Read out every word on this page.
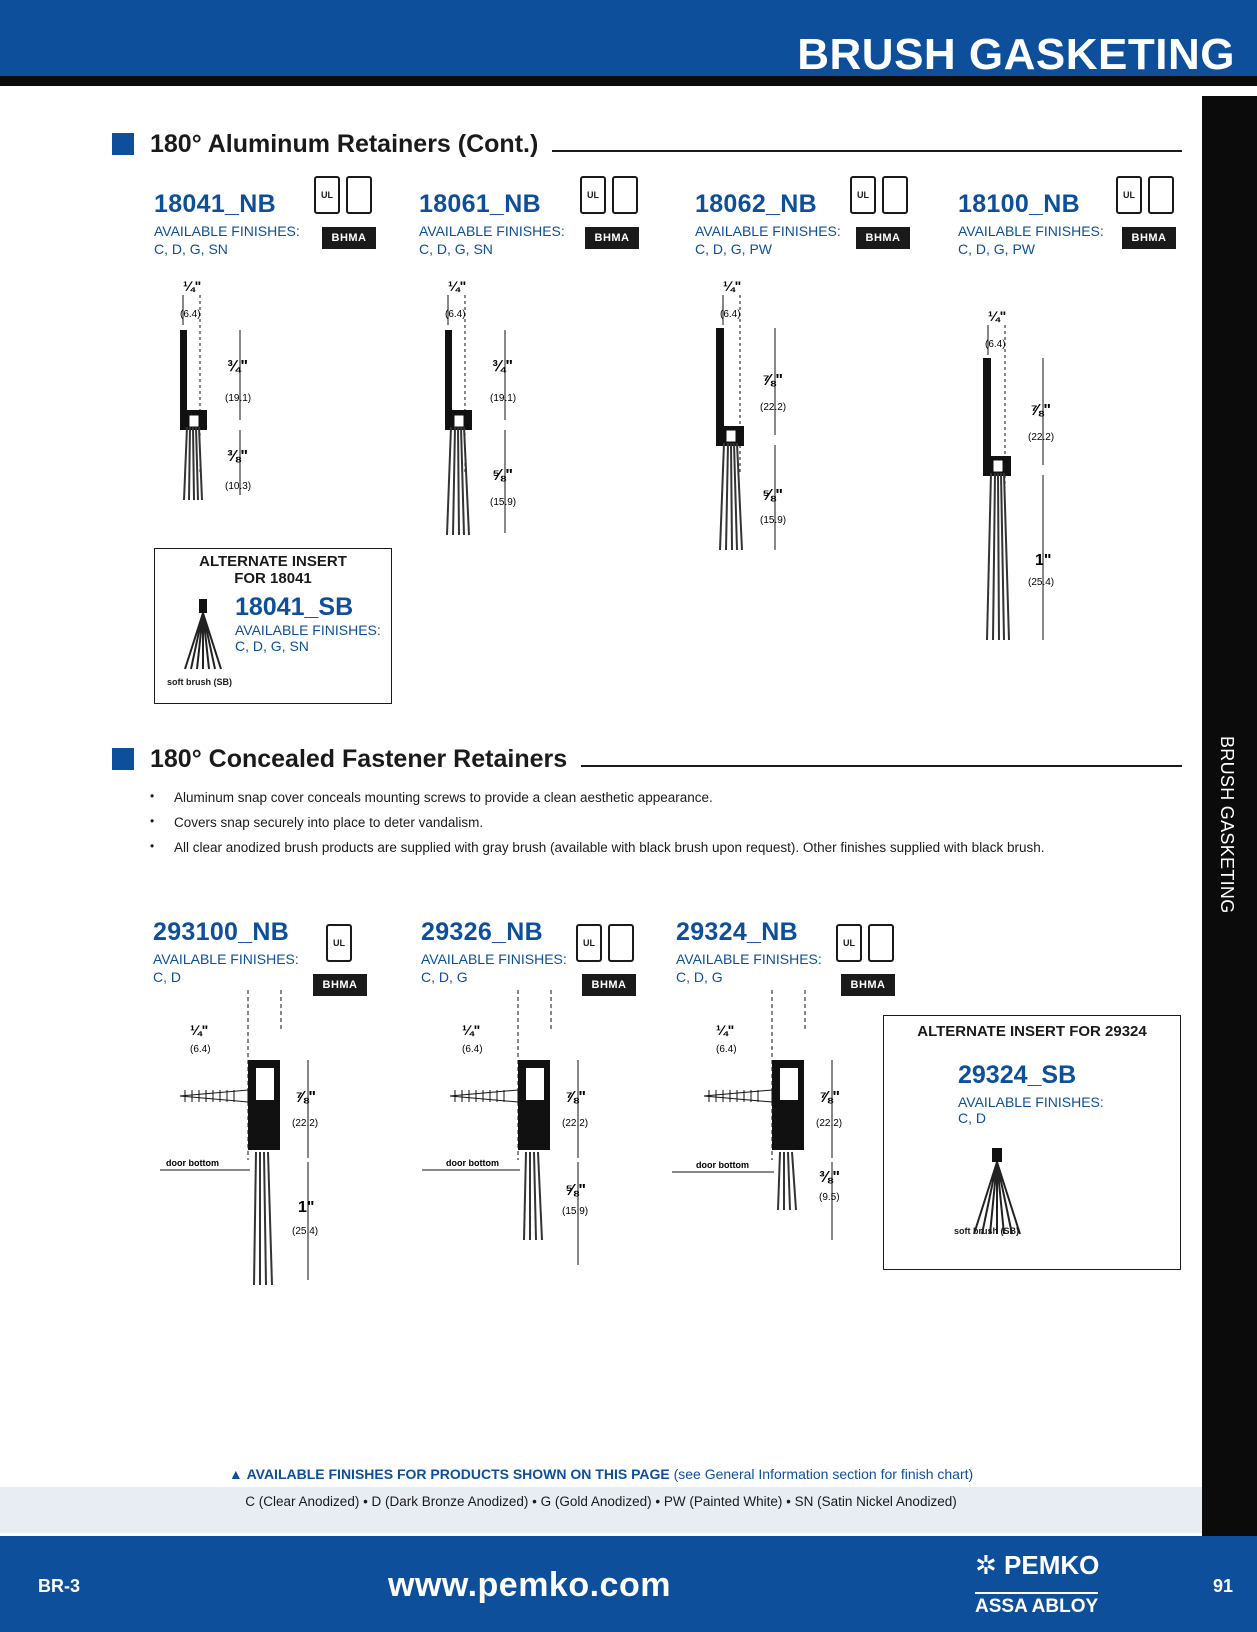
BRUSH GASKETING
BRUSH GASKETING
180° Aluminum Retainers (Cont.)
18041_NB
AVAILABLE FINISHES:
C, D, G, SN
UL
BHMA
18061_NB
AVAILABLE FINISHES:
C, D, G, SN
UL
BHMA
18062_NB
AVAILABLE FINISHES:
C, D, G, PW
UL
BHMA
18100_NB
AVAILABLE FINISHES:
C, D, G, PW
UL
BHMA
¼"
(6.4)
¾"
(19.1)
⅜"
(10.3)
¼"
(6.4)
¾"
(19.1)
⅝"
(15.9)
¼"
(6.4)
⅞"
(22.2)
⅝"
(15.9)
¼"
(6.4)
⅞"
(22.2)
1"
(25.4)
ALTERNATE INSERT
FOR 18041
18041_SB
AVAILABLE FINISHES:
C, D, G, SN
soft brush (SB)
180° Concealed Fastener Retainers
• Aluminum snap cover conceals mounting screws to provide a clean aesthetic appearance.
• Covers snap securely into place to deter vandalism.
• All clear anodized brush products are supplied with gray brush (available with black brush upon request). Other finishes supplied with black brush.
293100_NB
AVAILABLE FINISHES:
C, D
UL
BHMA
29326_NB
AVAILABLE FINISHES:
C, D, G
UL
BHMA
29324_NB
AVAILABLE FINISHES:
C, D, G
UL
BHMA
¼"
(6.4)
door bottom
⅞"
(22.2)
1"
(25.4)
¼"
(6.4)
door bottom
⅞"
(22.2)
⅝"
(15.9)
¼"
(6.4)
door bottom
⅞"
(22.2)
⅜"
(9.5)
ALTERNATE INSERT FOR 29324
29324_SB
AVAILABLE FINISHES:
C, D
soft brush (SB)
▲ AVAILABLE FINISHES FOR PRODUCTS SHOWN ON THIS PAGE (see General Information section for finish chart)
C (Clear Anodized) • D (Dark Bronze Anodized) • G (Gold Anodized) • PW (Painted White) • SN (Satin Nickel Anodized)
BR-3	www.pemko.com
✲ PEMKO
ASSA ABLOY
91
